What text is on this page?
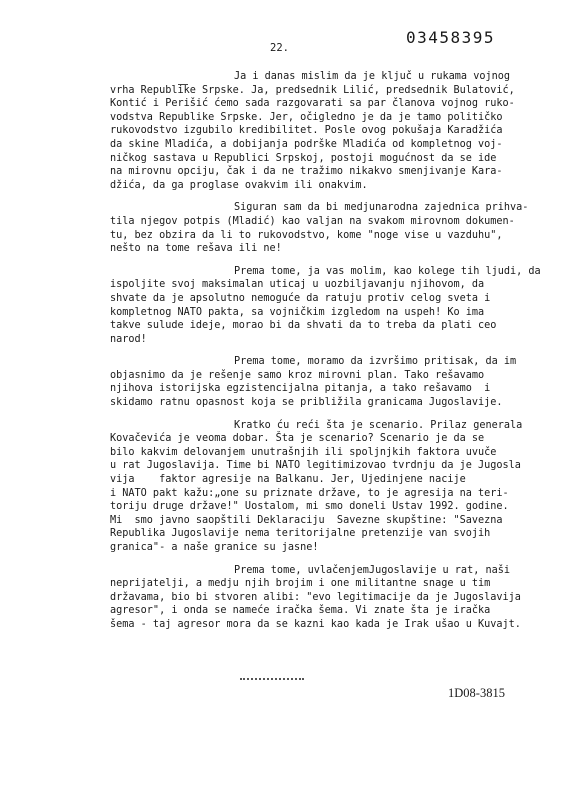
03458395
22.
Ja i danas mislim da je ključ u rukama vojnog
vrha Republike Srpske. Ja, predsednik Lilić, predsednik Bulatović,
Kontić i Perišić ćemo sada razgovarati sa par članova vojnog ruko-
vodstva Republike Srpske. Jer, očigledno je da je tamo političko
rukovodstvo izgubilo kredibilitet. Posle ovog pokušaja Karadžića
da skine Mladića, a dobijanja podrške Mladića od kompletnog voj-
ničkog sastava u Republici Srpskoj, postoji mogućnost da se ide
na mirovnu opciju, čak i da ne tražimo nikakvo smenjivanje Kara-
džića, da ga proglase ovakvim ili onakvim.
Siguran sam da bi medjunarodna zajednica prihva-
tila njegov potpis (Mladić) kao valjan na svakom mirovnom dokumen-
tu, bez obzira da li to rukovodstvo, kome "noge vise u vazduhu",
nešto na tome rešava ili ne!
Prema tome, ja vas molim, kao kolege tih ljudi, da
ispoljite svoj maksimalan uticaj u uozbiljavanju njihovom, da
shvate da je apsolutno nemoguće da ratuju protiv celog sveta i
kompletnog NATO pakta, sa vojničkim izgledom na uspeh! Ko ima
takve sulude ideje, morao bi da shvati da to treba da plati ceo
narod!
Prema tome, moramo da izvršimo pritisak, da im
objasnimo da je rešenje samo kroz mirovni plan. Tako rešavamo
njihova istorijska egzistencijalna pitanja, a tako rešavamo  i
skidamo ratnu opasnost koja se približila granicama Jugoslavije.
Kratko ću reći šta je scenario. Prilaz generala
Kovačevića je veoma dobar. Šta je scenario? Scenario je da se
bilo kakvim delovanjem unutrašnjih ili spoljnjkih faktora uvuče
u rat Jugoslavija. Time bi NATO legitimizovao tvrdnju da je Jugosla
vija    faktor agresije na Balkanu. Jer, Ujedinjene nacije
i NATO pakt kažu:„one su priznate države, to je agresija na teri-
toriju druge države!" Uostalom, mi smo doneli Ustav 1992. godine.
Mi  smo javno saopštili Deklaraciju  Savezne skupštine: "Savezna
Republika Jugoslavije nema teritorijalne pretenzije van svojih
granica"- a naše granice su jasne!
Prema tome, uvlačenjemJugoslavije u rat, naši
neprijatelji, a medju njih brojim i one militantne snage u tim
državama, bio bi stvoren alibi: "evo legitimacije da je Jugoslavija
agresor", i onda se nameće iračka šema. Vi znate šta je iračka
šema - taj agresor mora da se kazni kao kada je Irak ušao u Kuvajt.
1D08-3815
